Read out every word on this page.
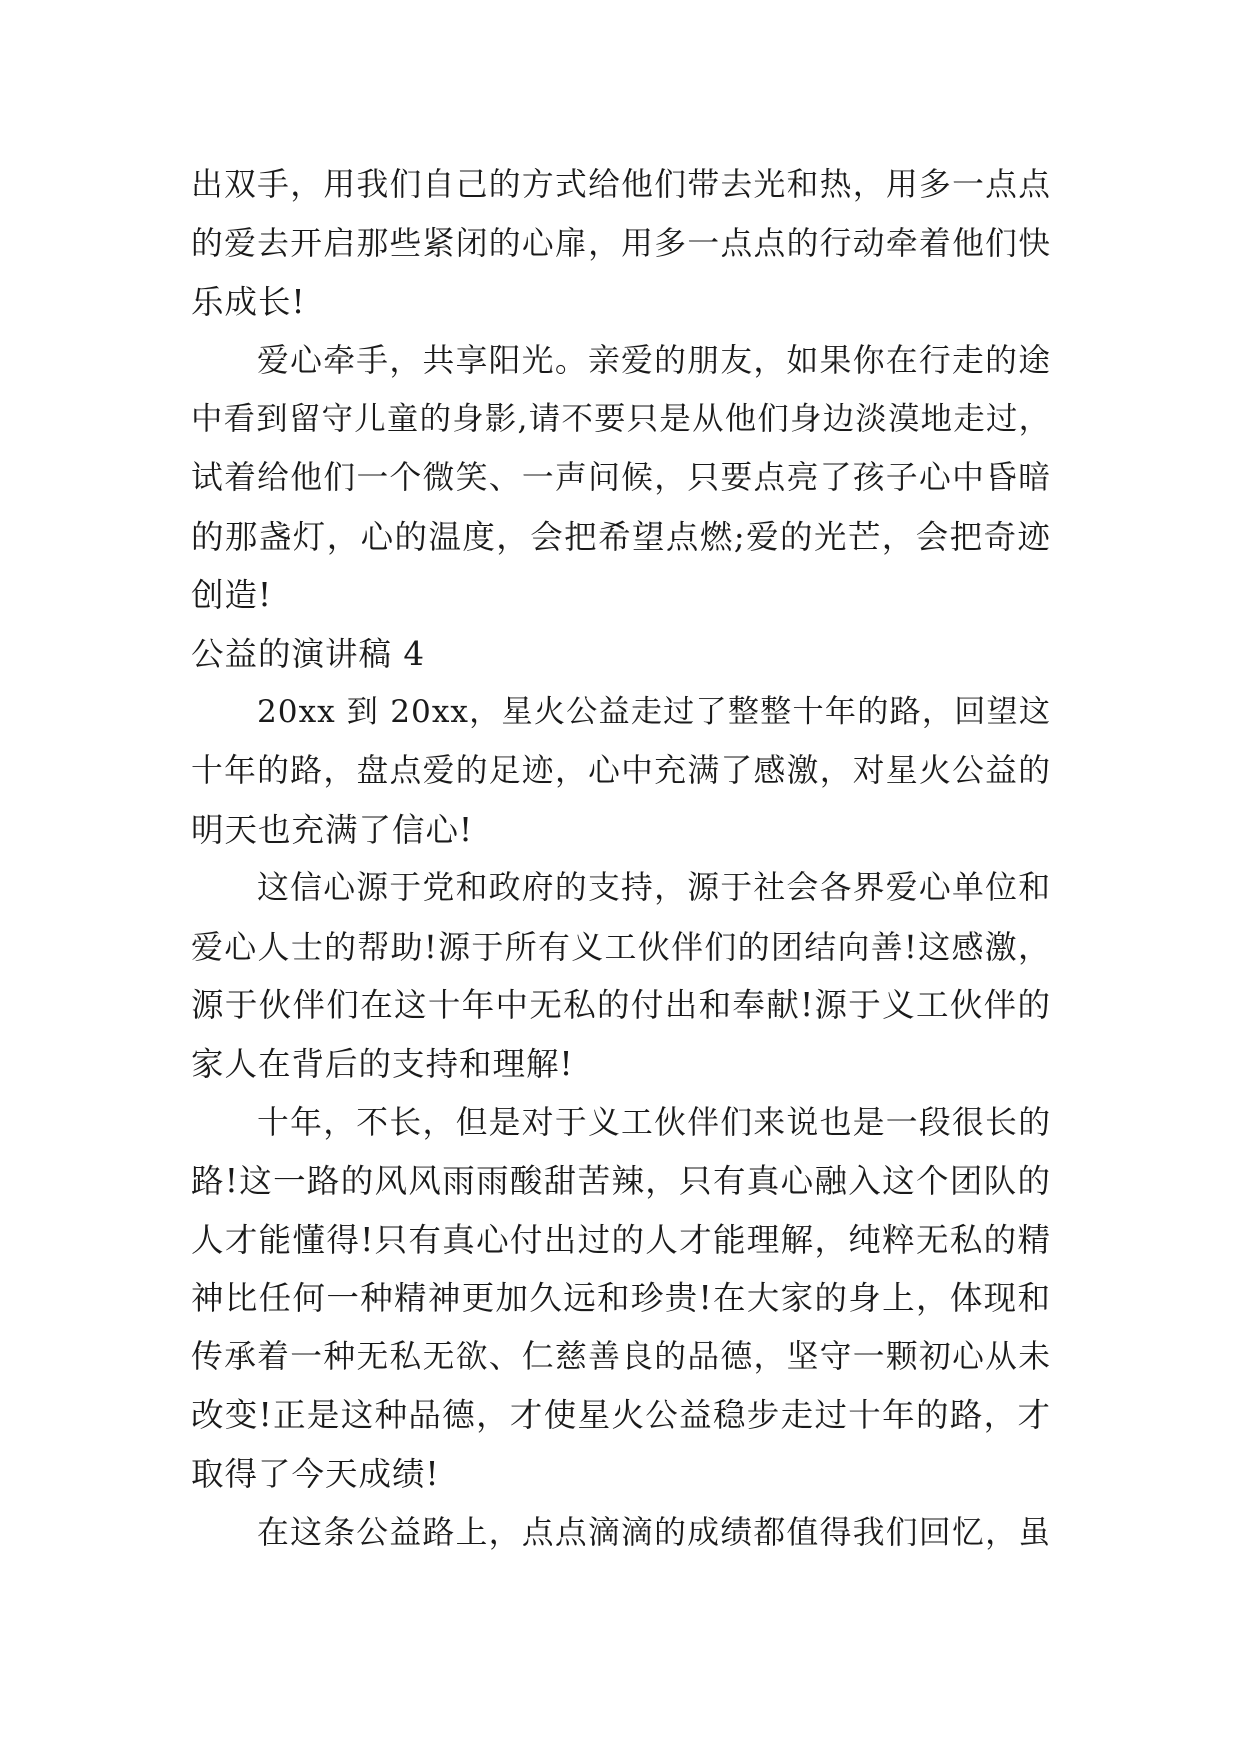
出双手，用我们自己的方式给他们带去光和热，用多一点点
的爱去开启那些紧闭的心扉，用多一点点的行动牵着他们快
乐成长!
爱心牵手，共享阳光。亲爱的朋友，如果你在行走的途
中看到留守儿童的身影,请不要只是从他们身边淡漠地走过，
试着给他们一个微笑、一声问候，只要点亮了孩子心中昏暗
的那盏灯，心的温度，会把希望点燃;爱的光芒，会把奇迹
创造!
公益的演讲稿 4
20xx 到 20xx，星火公益走过了整整十年的路，回望这
十年的路，盘点爱的足迹，心中充满了感激，对星火公益的
明天也充满了信心!
这信心源于党和政府的支持，源于社会各界爱心单位和
爱心人士的帮助!源于所有义工伙伴们的团结向善!这感激，
源于伙伴们在这十年中无私的付出和奉献!源于义工伙伴的
家人在背后的支持和理解!
十年，不长，但是对于义工伙伴们来说也是一段很长的
路!这一路的风风雨雨酸甜苦辣，只有真心融入这个团队的
人才能懂得!只有真心付出过的人才能理解，纯粹无私的精
神比任何一种精神更加久远和珍贵!在大家的身上，体现和
传承着一种无私无欲、仁慈善良的品德，坚守一颗初心从未
改变!正是这种品德，才使星火公益稳步走过十年的路，才
取得了今天成绩!
在这条公益路上，点点滴滴的成绩都值得我们回忆，虽
